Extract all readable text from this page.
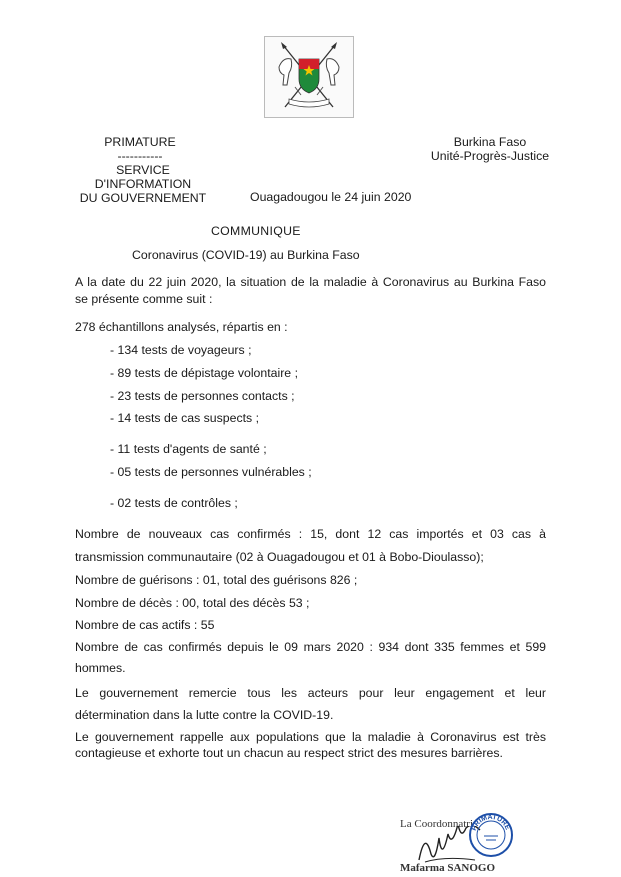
PRIMATURE
-----------
SERVICE D'INFORMATION
DU GOUVERNEMENT
Burkina Faso
Unité-Progrès-Justice
Ouagadougou le 24 juin 2020
COMMUNIQUE
Coronavirus (COVID-19) au Burkina Faso
A la date du 22 juin 2020, la situation de la maladie à Coronavirus au Burkina Faso
se présente comme suit :
278 échantillons analysés, répartis en :
- 134 tests de voyageurs ;
- 89 tests de dépistage volontaire ;
- 23 tests de personnes contacts ;
- 14 tests de cas suspects ;
- 11 tests d'agents de santé ;
- 05 tests de personnes vulnérables ;
- 02 tests de contrôles ;
Nombre de nouveaux cas confirmés : 15, dont 12 cas importés et 03 cas à
transmission communautaire (02 à Ouagadougou et 01 à Bobo-Dioulasso);
Nombre de guérisons : 01, total des guérisons 826 ;
Nombre de décès : 00, total des décès 53 ;
Nombre de cas actifs : 55
Nombre de cas confirmés depuis le 09 mars 2020 : 934 dont 335 femmes et 599
hommes.
Le gouvernement remercie tous les acteurs pour leur engagement et leur
détermination dans la lutte contre la COVID-19.
Le gouvernement rappelle aux populations que la maladie à Coronavirus est très
contagieuse et exhorte tout un chacun au respect strict des mesures barrières.
La Coordonnatri
Mafarma SANOGO
PRIMATURE
